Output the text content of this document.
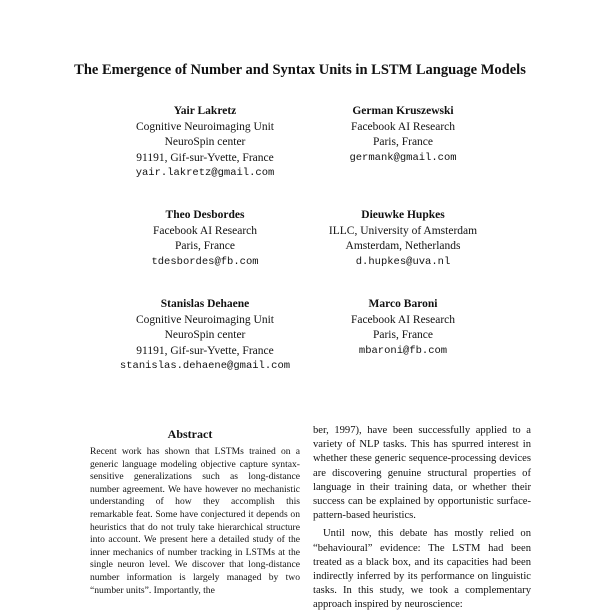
The Emergence of Number and Syntax Units in LSTM Language Models
Yair Lakretz
Cognitive Neuroimaging Unit
NeuroSpin center
91191, Gif-sur-Yvette, France
yair.lakretz@gmail.com
German Kruszewski
Facebook AI Research
Paris, France
germank@gmail.com
Theo Desbordes
Facebook AI Research
Paris, France
tdesbordes@fb.com
Dieuwke Hupkes
ILLC, University of Amsterdam
Amsterdam, Netherlands
d.hupkes@uva.nl
Stanislas Dehaene
Cognitive Neuroimaging Unit
NeuroSpin center
91191, Gif-sur-Yvette, France
stanislas.dehaene@gmail.com
Marco Baroni
Facebook AI Research
Paris, France
mbaroni@fb.com
Abstract

Recent work has shown that LSTMs trained on a generic language modeling objective capture syntax-sensitive generalizations such as long-distance number agreement. We have however no mechanistic understanding of how they accomplish this remarkable feat. Some have conjectured it depends on heuristics that do not truly take hierarchical structure into account. We present here a detailed study of the inner mechanics of number tracking in LSTMs at the single neuron level. We discover that long-distance number information is largely managed by two “number units”. Importantly, the

ber, 1997), have been successfully applied to a variety of NLP tasks. This has spurred interest in whether these generic sequence-processing devices are discovering genuine structural properties of language in their training data, or whether their success can be explained by opportunistic surface-pattern-based heuristics.

Until now, this debate has mostly relied on “behavioural” evidence: The LSTM had been treated as a black box, and its capacities had been indirectly inferred by its performance on linguistic tasks. In this study, we took a complementary approach inspired by neuroscience:
